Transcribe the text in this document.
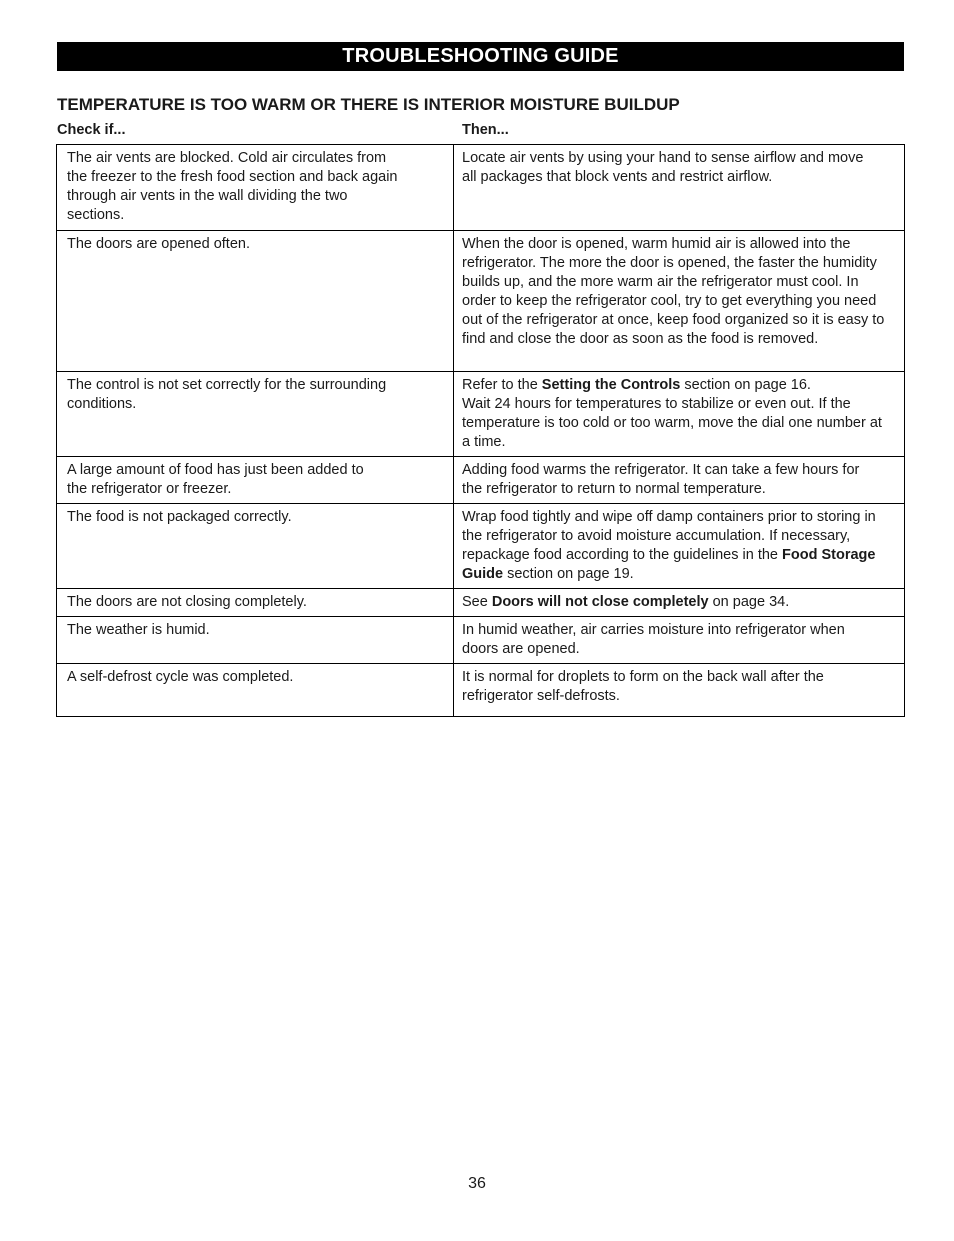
TROUBLESHOOTING GUIDE
TEMPERATURE IS TOO WARM OR THERE IS INTERIOR MOISTURE BUILDUP
Check if...	Then...
The air vents are blocked. Cold air circulates from the freezer to the fresh food section and back again through air vents in the wall dividing the two sections.	Locate air vents by using your hand to sense airflow and move all packages that block vents and restrict airflow.

The doors are opened often.	When the door is opened, warm humid air is allowed into the refrigerator. The more the door is opened, the faster the humidity builds up, and the more warm air the refrigerator must cool. In order to keep the refrigerator cool, try to get everything you need out of the refrigerator at once, keep food organized so it is easy to find and close the door as soon as the food is removed.

The control is not set correctly for the surrounding conditions.	Refer to the Setting the Controls section on page 16.
Wait 24 hours for temperatures to stabilize or even out. If the temperature is too cold or too warm, move the dial one number at a time.

A large amount of food has just been added to the refrigerator or freezer.	Adding food warms the refrigerator. It can take a few hours for the refrigerator to return to normal temperature.

The food is not packaged correctly.	Wrap food tightly and wipe off damp containers prior to storing in the refrigerator to avoid moisture accumulation. If necessary, repackage food according to the guidelines in the Food Storage Guide section on page 19.
The doors are not closing completely.	See Doors will not close completely on page 34.
The weather is humid.	In humid weather, air carries moisture into refrigerator when doors are opened.

A self-defrost cycle was completed.	It is normal for droplets to form on the back wall after the refrigerator self-defrosts.
36
